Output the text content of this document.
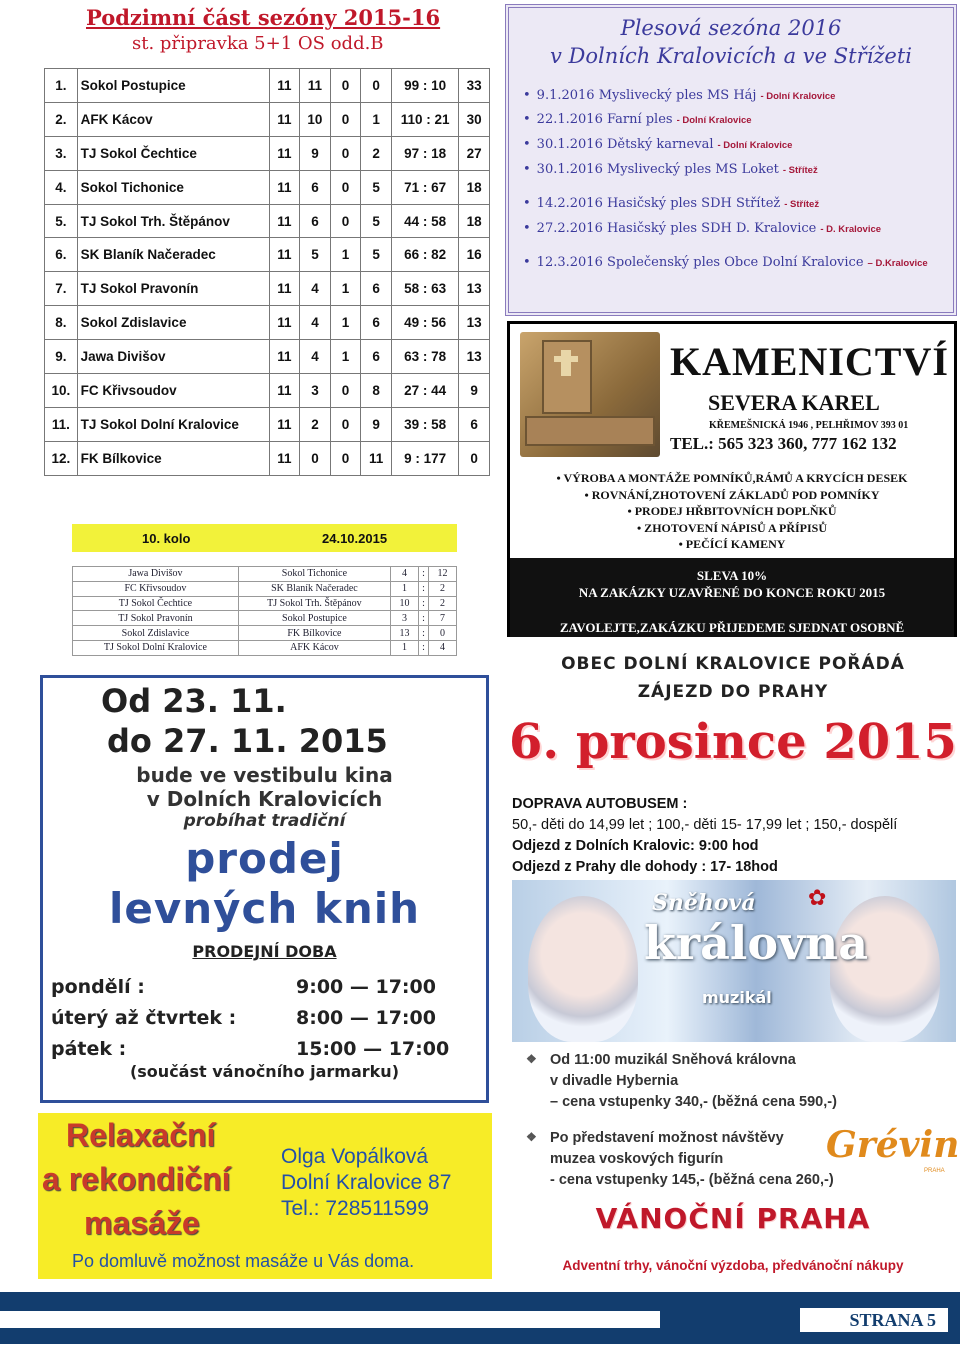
Podzimní část sezóny 2015-16
st. připravka 5+1 OS odd.B
1.	Sokol Postupice	11	11	0	0	99 : 10	33
2.	AFK Kácov	11	10	0	1	110 : 21	30
3.	TJ Sokol Čechtice	11	9	0	2	97 : 18	27
4.	Sokol Tichonice	11	6	0	5	71 : 67	18
5.	TJ Sokol Trh. Štěpánov	11	6	0	5	44 : 58	18
6.	SK Blaník Načeradec	11	5	1	5	66 : 82	16
7.	TJ Sokol Pravonín	11	4	1	6	58 : 63	13
8.	Sokol Zdislavice	11	4	1	6	49 : 56	13
9.	Jawa Divišov	11	4	1	6	63 : 78	13
10.	FC Křivsoudov	11	3	0	8	27 : 44	9
11.	TJ Sokol Dolní Kralovice	11	2	0	9	39 : 58	6
12.	FK Bílkovice	11	0	0	11	9 : 177	0
10. kolo	24.10.2015
Jawa Divišov	Sokol Tichonice	4	:	12
FC Křivsoudov	SK Blaník Načeradec	1	:	2
TJ Sokol Čechtice	TJ Sokol Trh. Štěpánov	10	:	2
TJ Sokol Pravonín	Sokol Postupice	3	:	7
Sokol Zdislavice	FK Bílkovice	13	:	0
TJ Sokol Dolní Kralovice	AFK Kácov	1	:	4
Od 23. 11.
do 27. 11. 2015
bude ve vestibulu kina
v Dolních Kralovicích
probíhat tradiční
prodej
levných knih
PRODEJNÍ DOBA
pondělí :	9:00 — 17:00
úterý až čtvrtek :	8:00 — 17:00
pátek :	15:00 — 17:00
(součást vánočního jarmarku)
Relaxační
a rekondiční
masáže
Olga Vopálková
Dolní Kralovice 87
Tel.: 728511599
Po domluvě možnost masáže u Vás doma.
Plesová sezóna 2016
v Dolních Kralovicích a ve Střížeti
• 9.1.2016 Myslivecký ples MS Háj - Dolní Kralovice
• 22.1.2016 Farní ples - Dolní Kralovice
• 30.1.2016 Dětský karneval - Dolní Kralovice
• 30.1.2016 Myslivecký ples MS Loket - Střítež
• 14.2.2016 Hasičský ples SDH Střítež - Střítež
• 27.2.2016 Hasičský ples SDH D. Kralovice - D. Kralovice
• 12.3.2016 Společenský ples Obce Dolní Kralovice – D.Kralovice
KAMENICTVÍ
SEVERA KAREL
KŘEMEŠNICKÁ 1946 , PELHŘIMOV 393 01
TEL.: 565 323 360, 777 162 132
• VÝROBA A MONTÁŽE POMNÍKŮ,RÁMŮ A KRYCÍCH DESEK
• ROVNÁNÍ,ZHOTOVENÍ ZÁKLADŮ POD POMNÍKY
• PRODEJ HŘBITOVNÍCH DOPLŇKŮ
• ZHOTOVENÍ NÁPISŮ A PŘÍPISŮ
• PEČÍCÍ KAMENY
SLEVA 10%
NA ZAKÁZKY UZAVŘENÉ DO KONCE ROKU 2015
ZAVOLEJTE,ZAKÁZKU PŘIJEDEME SJEDNAT OSOBNĚ
OBEC DOLNÍ KRALOVICE POŘÁDÁ
ZÁJEZD DO PRAHY
6. prosince 2015
DOPRAVA AUTOBUSEM :
50,- děti do 14,99 let ; 100,- děti 15- 17,99 let ; 150,- dospělí
Odjezd z Dolních Kralovic: 9:00 hod
Odjezd z Prahy dle dohody : 17- 18hod
Sněhová ✿
královna
muzikál
❖ Od 11:00 muzikál Sněhová královna
v divadle Hybernia
– cena vstupenky 340,- (běžná cena 590,-)
❖ Po představení možnost návštěvy
muzea voskových figurín
- cena vstupenky 145,- (běžná cena 260,-)
Grévin
PRAHA
VÁNOČNÍ PRAHA
Adventní trhy, vánoční výzdoba, předvánoční nákupy
STRANA 5
